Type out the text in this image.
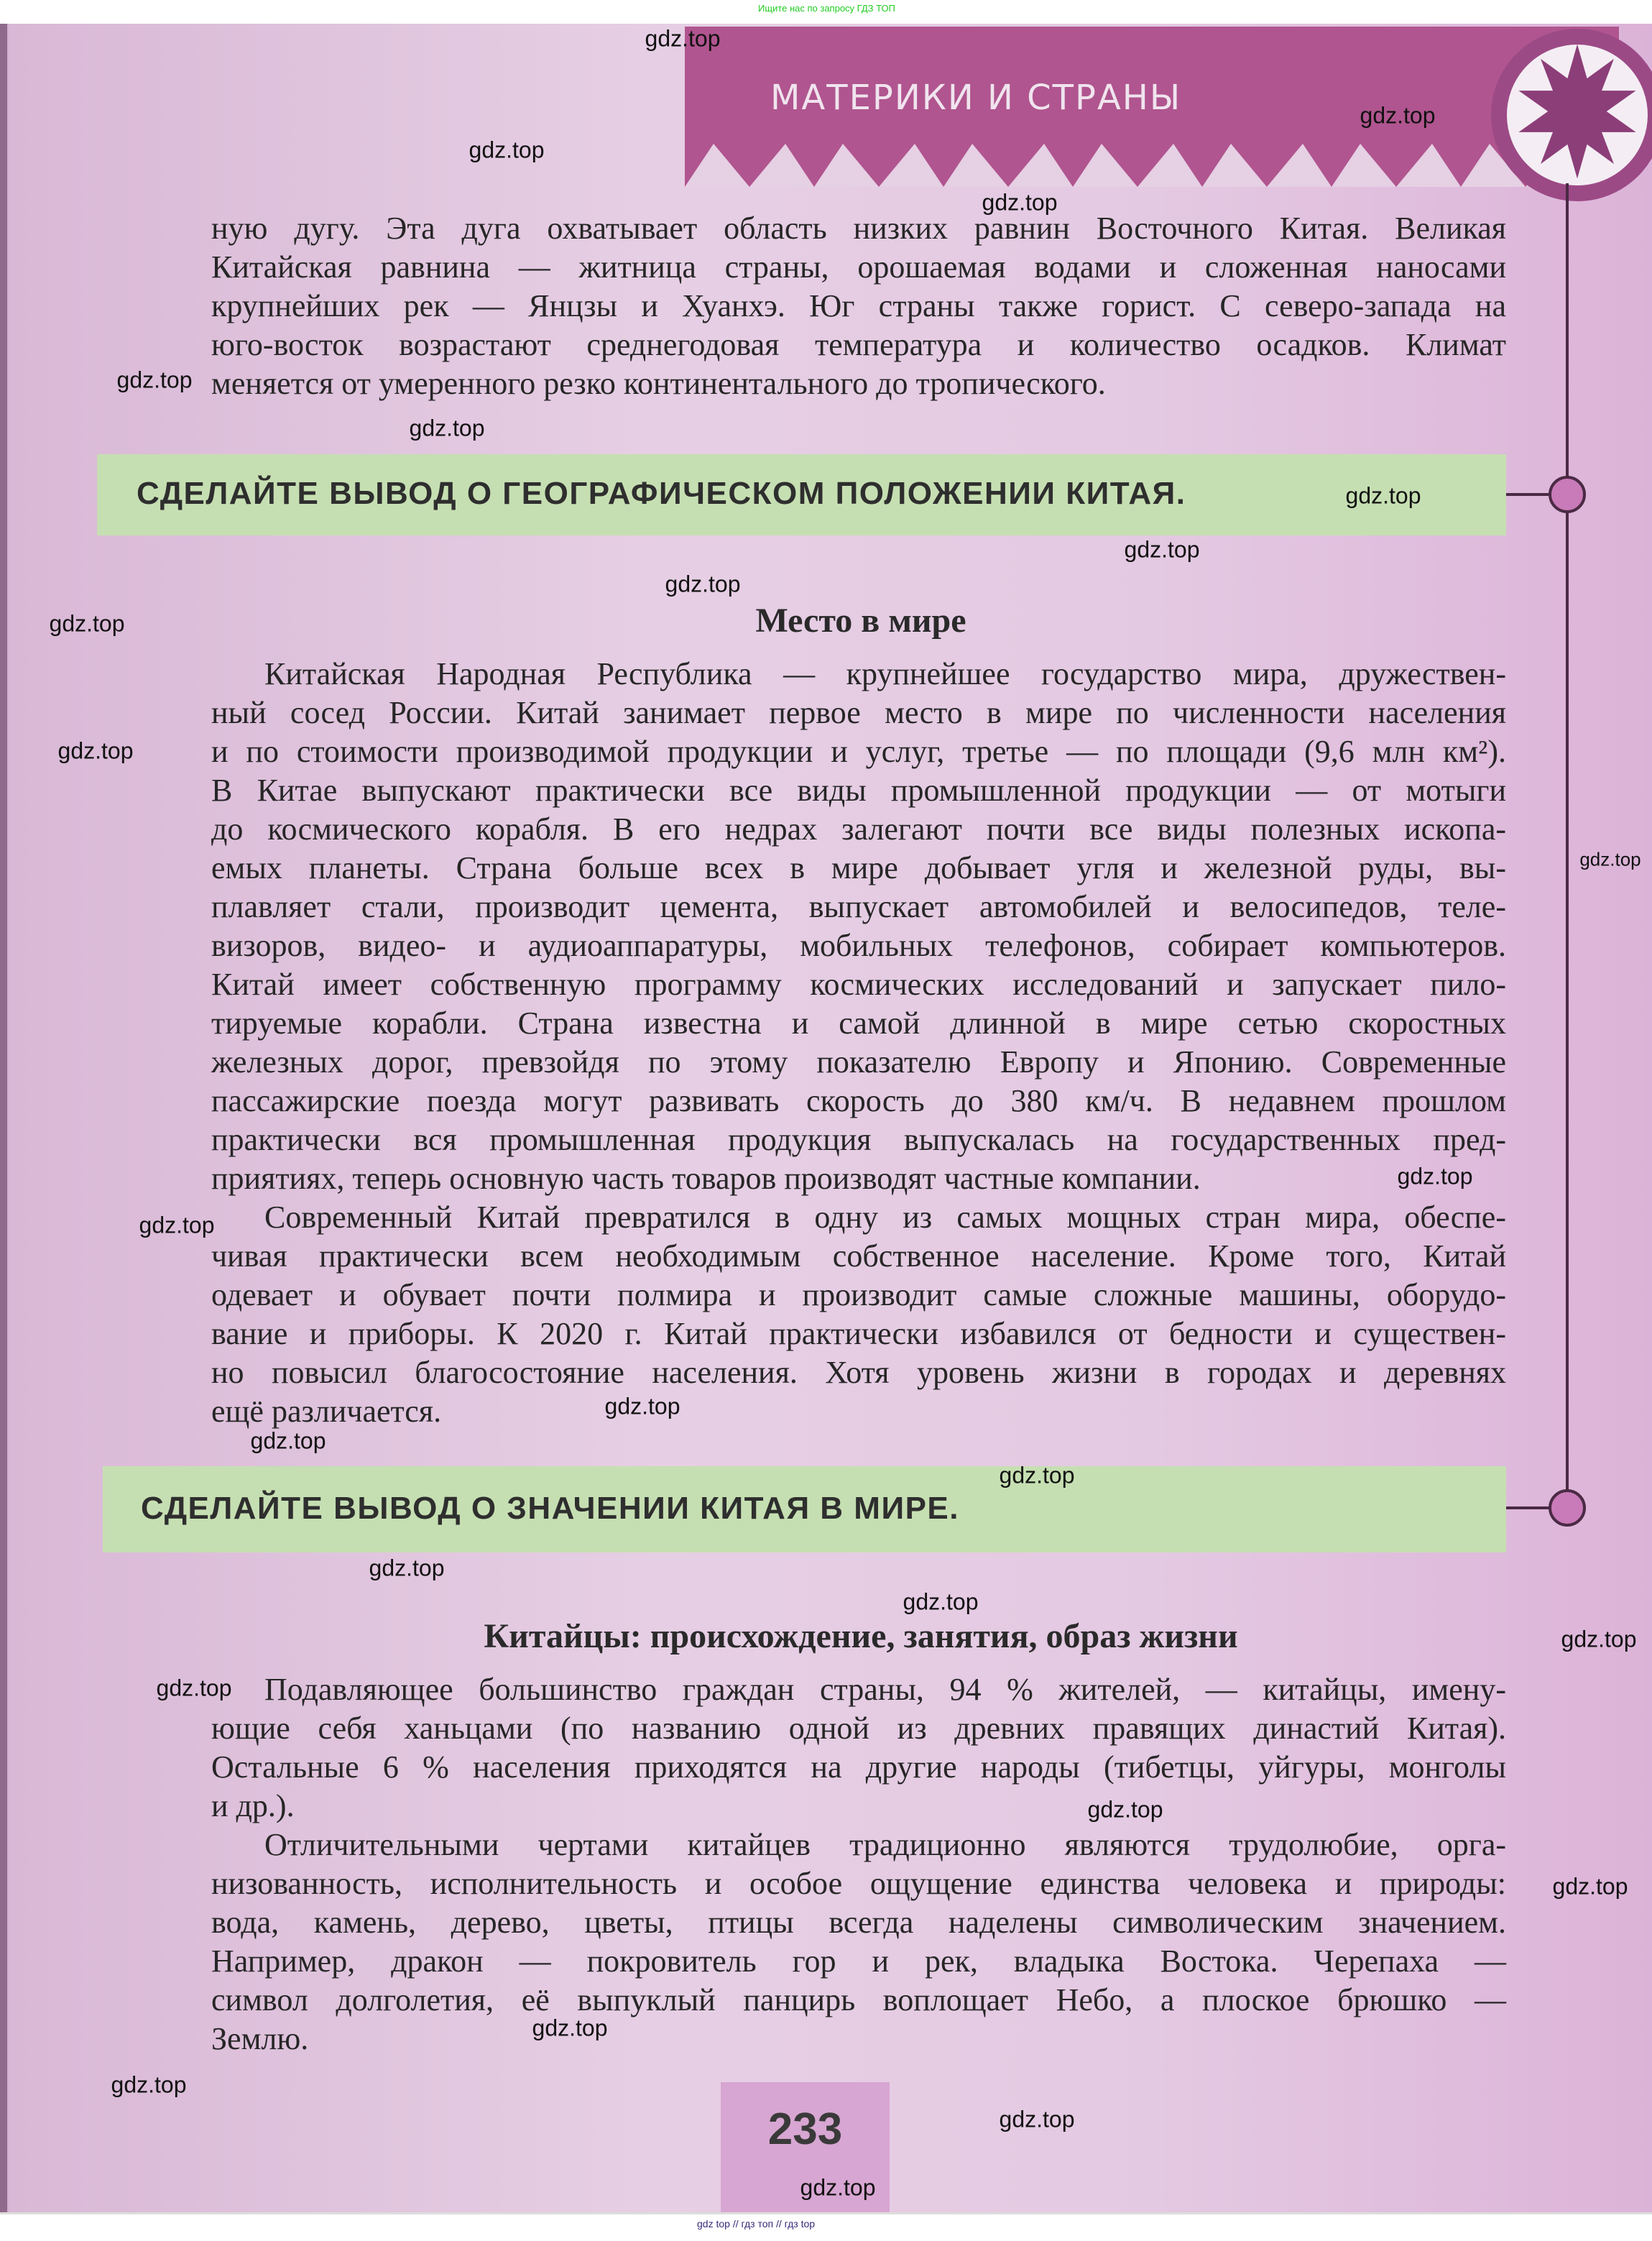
Ищите нас по запросу ГДЗ ТОП
МАТЕРИКИ И СТРАНЫ
ную дугу. Эта дуга охватывает область низких равнин Восточного Китая. Великая
Китайская равнина — житница страны, орошаемая водами и сложенная наносами
крупнейших рек — Янцзы и Хуанхэ. Юг страны также горист. С северо-запада на
юго-восток возрастают среднегодовая температура и количество осадков. Климат
меняется от умеренного резко континентального до тропического.
СДЕЛАЙТЕ ВЫВОД О ГЕОГРАФИЧЕСКОМ ПОЛОЖЕНИИ КИТАЯ.
Место в мире
Китайская Народная Республика — крупнейшее государство мира, дружествен-
ный сосед России. Китай занимает первое место в мире по численности населения
и по стоимости производимой продукции и услуг, третье — по площади (9,6 млн км²).
В Китае выпускают практически все виды промышленной продукции — от мотыги
до космического корабля. В его недрах залегают почти все виды полезных ископа-
емых планеты. Страна больше всех в мире добывает угля и железной руды, вы-
плавляет стали, производит цемента, выпускает автомобилей и велосипедов, теле-
визоров, видео- и аудиоаппаратуры, мобильных телефонов, собирает компьютеров.
Китай имеет собственную программу космических исследований и запускает пило-
тируемые корабли. Страна известна и самой длинной в мире сетью скоростных
железных дорог, превзойдя по этому показателю Европу и Японию. Современные
пассажирские поезда могут развивать скорость до 380 км/ч. В недавнем прошлом
практически вся промышленная продукция выпускалась на государственных пред-
приятиях, теперь основную часть товаров производят частные компании.
Современный Китай превратился в одну из самых мощных стран мира, обеспе-
чивая практически всем необходимым собственное население. Кроме того, Китай
одевает и обувает почти полмира и производит самые сложные машины, оборудо-
вание и приборы. К 2020 г. Китай практически избавился от бедности и существен-
но повысил благосостояние населения. Хотя уровень жизни в городах и деревнях
ещё различается.
СДЕЛАЙТЕ ВЫВОД О ЗНАЧЕНИИ КИТАЯ В МИРЕ.
Китайцы: происхождение, занятия, образ жизни
Подавляющее большинство граждан страны, 94 % жителей, — китайцы, имену-
ющие себя ханьцами (по названию одной из древних правящих династий Китая).
Остальные 6 % населения приходятся на другие народы (тибетцы, уйгуры, монголы
и др.).
Отличительными чертами китайцев традиционно являются трудолюбие, орга-
низованность, исполнительность и особое ощущение единства человека и природы:
вода, камень, дерево, цветы, птицы всегда наделены символическим значением.
Например, дракон — покровитель гор и рек, владыка Востока. Черепаха —
символ долголетия, её выпуклый панцирь воплощает Небо, а плоское брюшко —
Землю.
233
gdz top // гдз топ // гдз top
gdz.top
gdz.top
gdz.top
gdz.top
gdz.top
gdz.top
gdz.top
gdz.top
gdz.top
gdz.top
gdz.top
gdz.top
gdz.top
gdz.top
gdz.top
gdz.top
gdz.top
gdz.top
gdz.top
gdz.top
gdz.top
gdz.top
gdz.top
gdz.top
gdz.top
gdz.top
gdz.top
